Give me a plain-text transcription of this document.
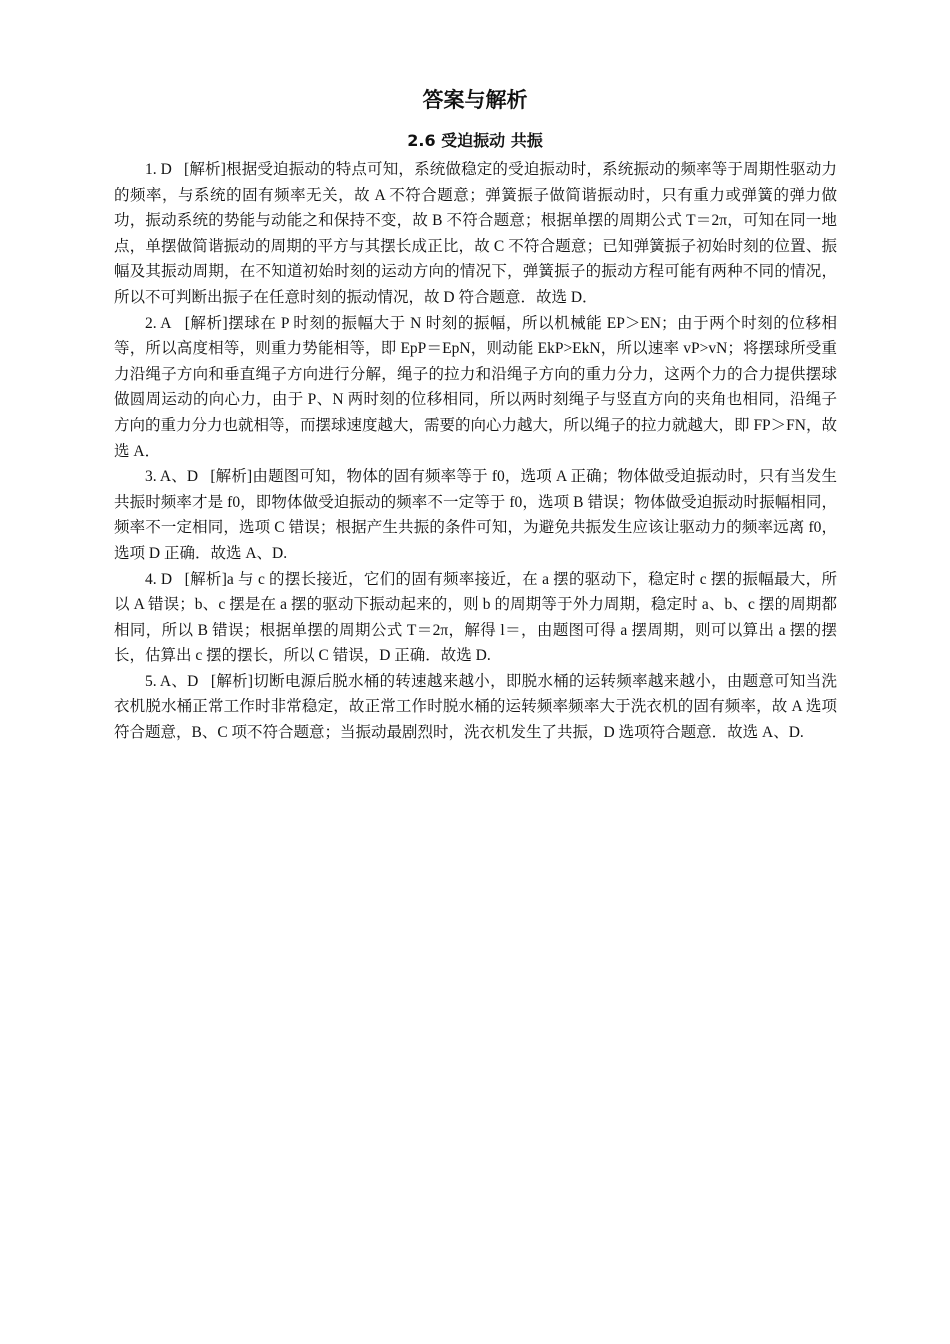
答案与解析
2.6 受迫振动 共振

1. D [解析]根据受迫振动的特点可知，系统做稳定的受迫振动时，系统振动的频率等于周期性驱动力的频率，与系统的固有频率无关，故 A 不符合题意；弹簧振子做简谐振动时，只有重力或弹簧的弹力做功，振动系统的势能与动能之和保持不变，故 B 不符合题意；根据单摆的周期公式 T＝2π，可知在同一地点，单摆做简谐振动的周期的平方与其摆长成正比，故 C 不符合题意；已知弹簧振子初始时刻的位置、振幅及其振动周期，在不知道初始时刻的运动方向的情况下，弹簧振子的振动方程可能有两种不同的情况，所以不可判断出振子在任意时刻的振动情况，故 D 符合题意．故选 D．

2. A [解析]摆球在 P 时刻的振幅大于 N 时刻的振幅，所以机械能 EP＞EN；由于两个时刻的位移相等，所以高度相等，则重力势能相等，即 EpP＝EpN，则动能 EkP>EkN，所以速率 vP>vN；将摆球所受重力沿绳子方向和垂直绳子方向进行分解，绳子的拉力和沿绳子方向的重力分力，这两个力的合力提供摆球做圆周运动的向心力，由于 P、N 两时刻的位移相同，所以两时刻绳子与竖直方向的夹角也相同，沿绳子方向的重力分力也就相等，而摆球速度越大，需要的向心力越大，所以绳子的拉力就越大，即 FP＞FN，故选 A．

3. A、D [解析]由题图可知，物体的固有频率等于 f0，选项 A 正确；物体做受迫振动时，只有当发生共振时频率才是 f0，即物体做受迫振动的频率不一定等于 f0，选项 B 错误；物体做受迫振动时振幅相同，频率不一定相同，选项 C 错误；根据产生共振的条件可知，为避免共振发生应该让驱动力的频率远离 f0，选项 D 正确．故选 A、D.

4. D [解析]a 与 c 的摆长接近，它们的固有频率接近，在 a 摆的驱动下，稳定时 c 摆的振幅最大，所以 A 错误；b、c 摆是在 a 摆的驱动下振动起来的，则 b 的周期等于外力周期，稳定时 a、b、c 摆的周期都相同，所以 B 错误；根据单摆的周期公式 T＝2π，解得 l＝，由题图可得 a 摆周期，则可以算出 a 摆的摆长，估算出 c 摆的摆长，所以 C 错误，D 正确．故选 D.

5. A、D [解析]切断电源后脱水桶的转速越来越小，即脱水桶的运转频率越来越小，由题意可知当洗衣机脱水桶正常工作时非常稳定，故正常工作时脱水桶的运转频率频率大于洗衣机的固有频率，故 A 选项符合题意，B、C 项不符合题意；当振动最剧烈时，洗衣机发生了共振，D 选项符合题意．故选 A、D.
